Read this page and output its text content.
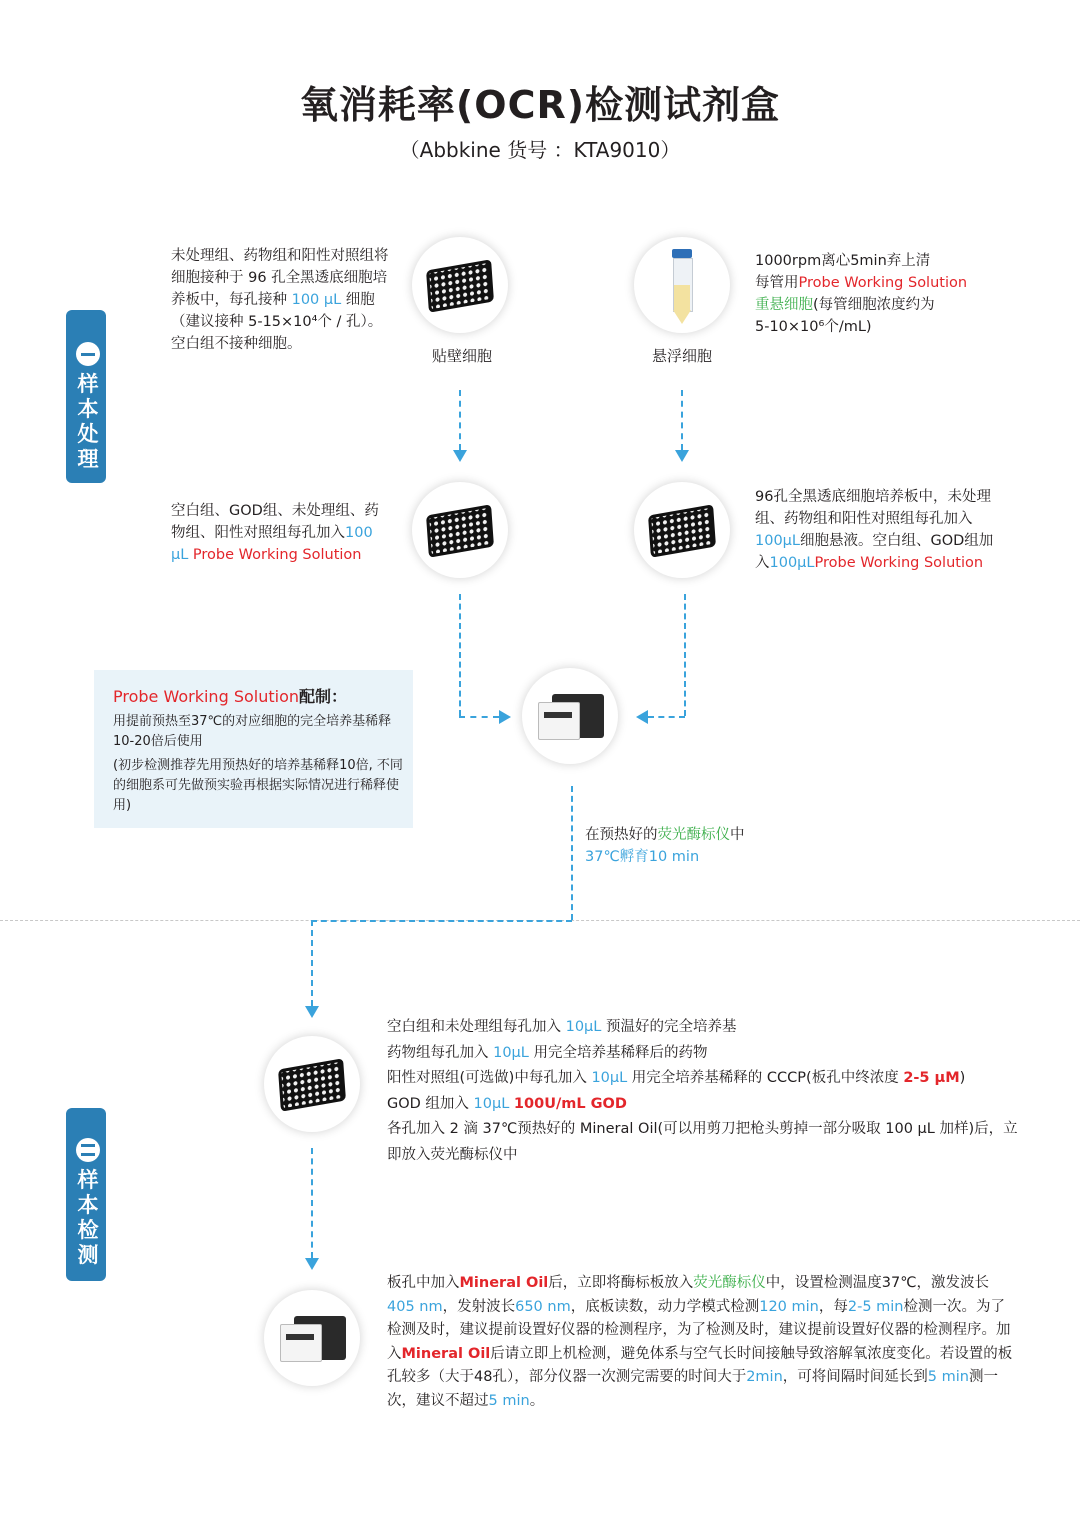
氧消耗率(OCR)检测试剂盒
（Abbkine 货号 ：KTA9010）
样
本
处
理
未处理组、药物组和阳性对照组将细胞接种于 96 孔全黑透底细胞培养板中，每孔接种 100 μL 细胞（建议接种 5-15×10⁴个 / 孔）。空白组不接种细胞。
贴壁细胞	悬浮细胞
1000rpm离心5min弃上清
每管用Probe Working Solution
重悬细胞(每管细胞浓度约为
5-10×10⁶个/mL)
空白组、GOD组、未处理组、药物组、阳性对照组每孔加入100 μL Probe Working Solution
96孔全黑透底细胞培养板中，未处理组、药物组和阳性对照组每孔加入100μL细胞悬液。空白组、GOD组加入100μLProbe Working Solution
Probe Working Solution配制：
用提前预热至37℃的对应细胞的完全培养基稀释10-20倍后使用
(初步检测推荐先用预热好的培养基稀释10倍, 不同的细胞系可先做预实验再根据实际情况进行稀释使用)
在预热好的荧光酶标仪中
37℃孵育10 min
样
本
检
测
空白组和未处理组每孔加入 10μL 预温好的完全培养基
药物组每孔加入 10μL 用完全培养基稀释后的药物
阳性对照组(可选做)中每孔加入 10μL 用完全培养基稀释的 CCCP(板孔中终浓度 2-5 μM)
GOD 组加入 10μL 100U/mL GOD
各孔加入 2 滴 37℃预热好的 Mineral Oil(可以用剪刀把枪头剪掉一部分吸取 100 μL 加样)后，立即放入荧光酶标仪中
板孔中加入Mineral Oil后，立即将酶标板放入荧光酶标仪中，设置检测温度37℃，激发波长405 nm，发射波长650 nm，底板读数，动力学模式检测120 min，每2-5 min检测一次。为了检测及时，建议提前设置好仪器的检测程序，为了检测及时，建议提前设置好仪器的检测程序。加入Mineral Oil后请立即上机检测，避免体系与空气长时间接触导致溶解氧浓度变化。若设置的板孔较多（大于48孔），部分仪器一次测完需要的时间大于2min，可将间隔时间延长到5 min测一次，建议不超过5 min。
